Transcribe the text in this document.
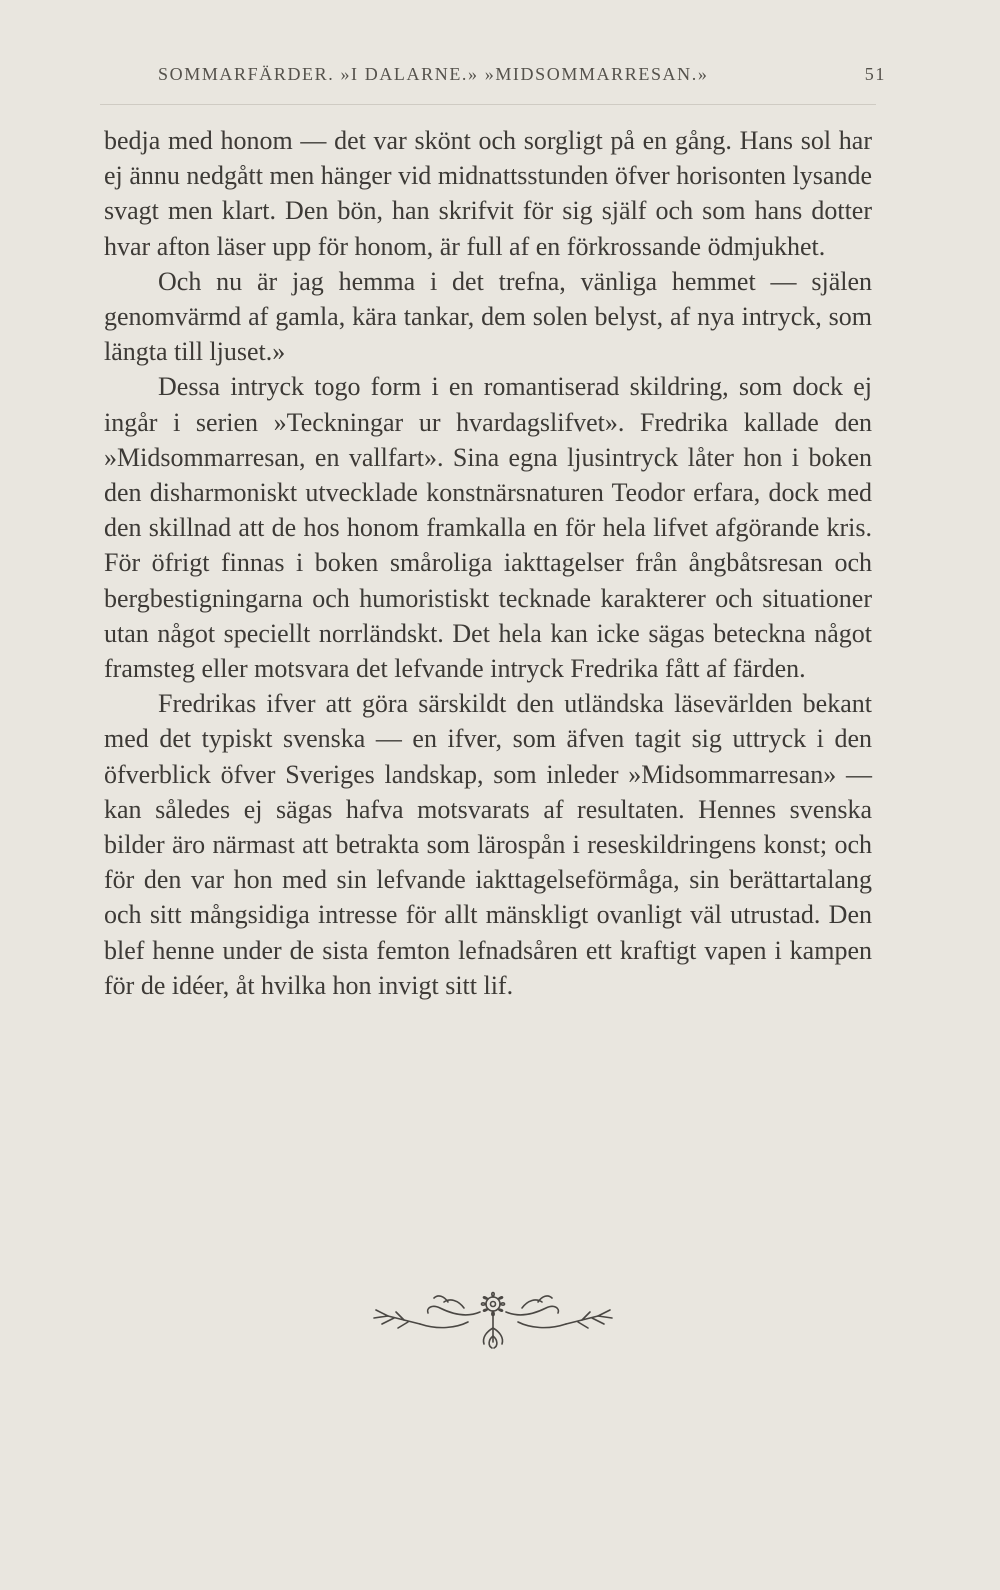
SOMMARFÄRDER. »I DALARNE.» »MIDSOMMARRESAN.»	51

bedja med honom — det var skönt och sorgligt på en gång. Hans sol har ej ännu nedgått men hänger vid midnattsstunden öfver horisonten lysande svagt men klart. Den bön, han skrifvit för sig själf och som hans dotter hvar afton läser upp för honom, är full af en förkrossande ödmjukhet.

Och nu är jag hemma i det trefna, vänliga hemmet — själen genomvärmd af gamla, kära tankar, dem solen belyst, af nya intryck, som längta till ljuset.»

Dessa intryck togo form i en romantiserad skildring, som dock ej ingår i serien »Teckningar ur hvardagslifvet». Fredrika kallade den »Midsommarresan, en vallfart». Sina egna ljusintryck låter hon i boken den disharmoniskt utvecklade konstnärsnaturen Teodor erfara, dock med den skillnad att de hos honom framkalla en för hela lifvet afgörande kris. För öfrigt finnas i boken småroliga iakttagelser från ångbåtsresan och bergbestigningarna och humoristiskt tecknade karakterer och situationer utan något speciellt norrländskt. Det hela kan icke sägas beteckna något framsteg eller motsvara det lefvande intryck Fredrika fått af färden.

Fredrikas ifver att göra särskildt den utländska läsevärlden bekant med det typiskt svenska — en ifver, som äfven tagit sig uttryck i den öfverblick öfver Sveriges landskap, som inleder »Midsommarresan» — kan således ej sägas hafva motsvarats af resultaten. Hennes svenska bilder äro närmast att betrakta som lärospån i reseskildringens konst; och för den var hon med sin lefvande iakttagelseförmåga, sin berättartalang och sitt mångsidiga intresse för allt mänskligt ovanligt väl utrustad. Den blef henne under de sista femton lefnadsåren ett kraftigt vapen i kampen för de idéer, åt hvilka hon invigt sitt lif.
